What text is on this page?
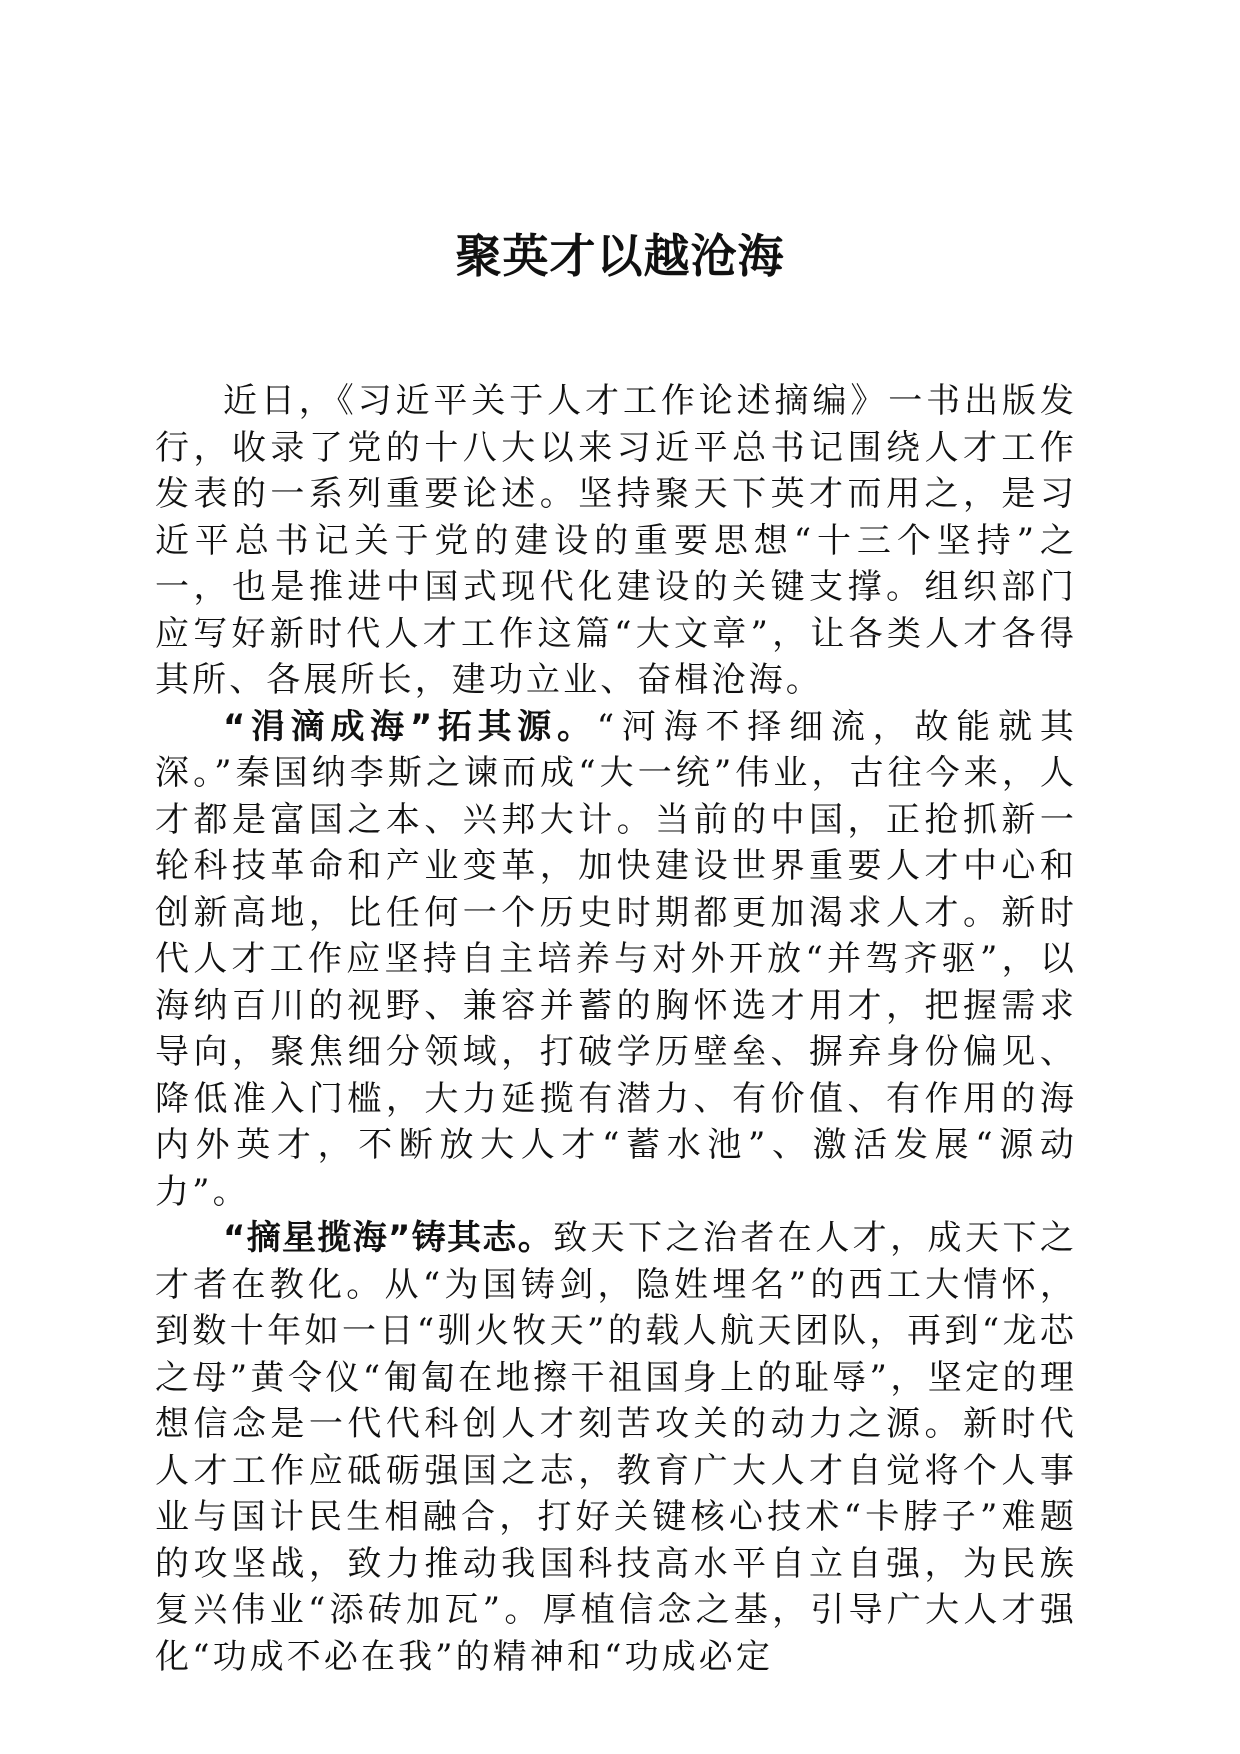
聚英才以越沧海

近日，《习近平关于人才工作论述摘编》一书出版发行，收录了党的十八大以来习近平总书记围绕人才工作发表的一系列重要论述。坚持聚天下英才而用之，是习近平总书记关于党的建设的重要思想“十三个坚持”之一，也是推进中国式现代化建设的关键支撑。组织部门应写好新时代人才工作这篇“大文章”，让各类人才各得其所、各展所长，建功立业、奋楫沧海。

“涓滴成海”拓其源。“河海不择细流，故能就其深。”秦国纳李斯之谏而成“大一统”伟业，古往今来，人才都是富国之本、兴邦大计。当前的中国，正抢抓新一轮科技革命和产业变革，加快建设世界重要人才中心和创新高地，比任何一个历史时期都更加渴求人才。新时代人才工作应坚持自主培养与对外开放“并驾齐驱”，以海纳百川的视野、兼容并蓄的胸怀选才用才，把握需求导向，聚焦细分领域，打破学历壁垒、摒弃身份偏见、降低准入门槛，大力延揽有潜力、有价值、有作用的海内外英才，不断放大人才“蓄水池”、激活发展“源动力”。

“摘星揽海”铸其志。致天下之治者在人才，成天下之才者在教化。从“为国铸剑，隐姓埋名”的西工大情怀，到数十年如一日“驯火牧天”的载人航天团队，再到“龙芯之母”黄令仪“匍匐在地擦干祖国身上的耻辱”，坚定的理想信念是一代代科创人才刻苦攻关的动力之源。新时代人才工作应砥砺强国之志，教育广大人才自觉将个人事业与国计民生相融合，打好关键核心技术“卡脖子”难题的攻坚战，致力推动我国科技高水平自立自强，为民族复兴伟业“添砖加瓦”。厚植信念之基，引导广大人才强化“功成不必在我”的精神和“功成必定
